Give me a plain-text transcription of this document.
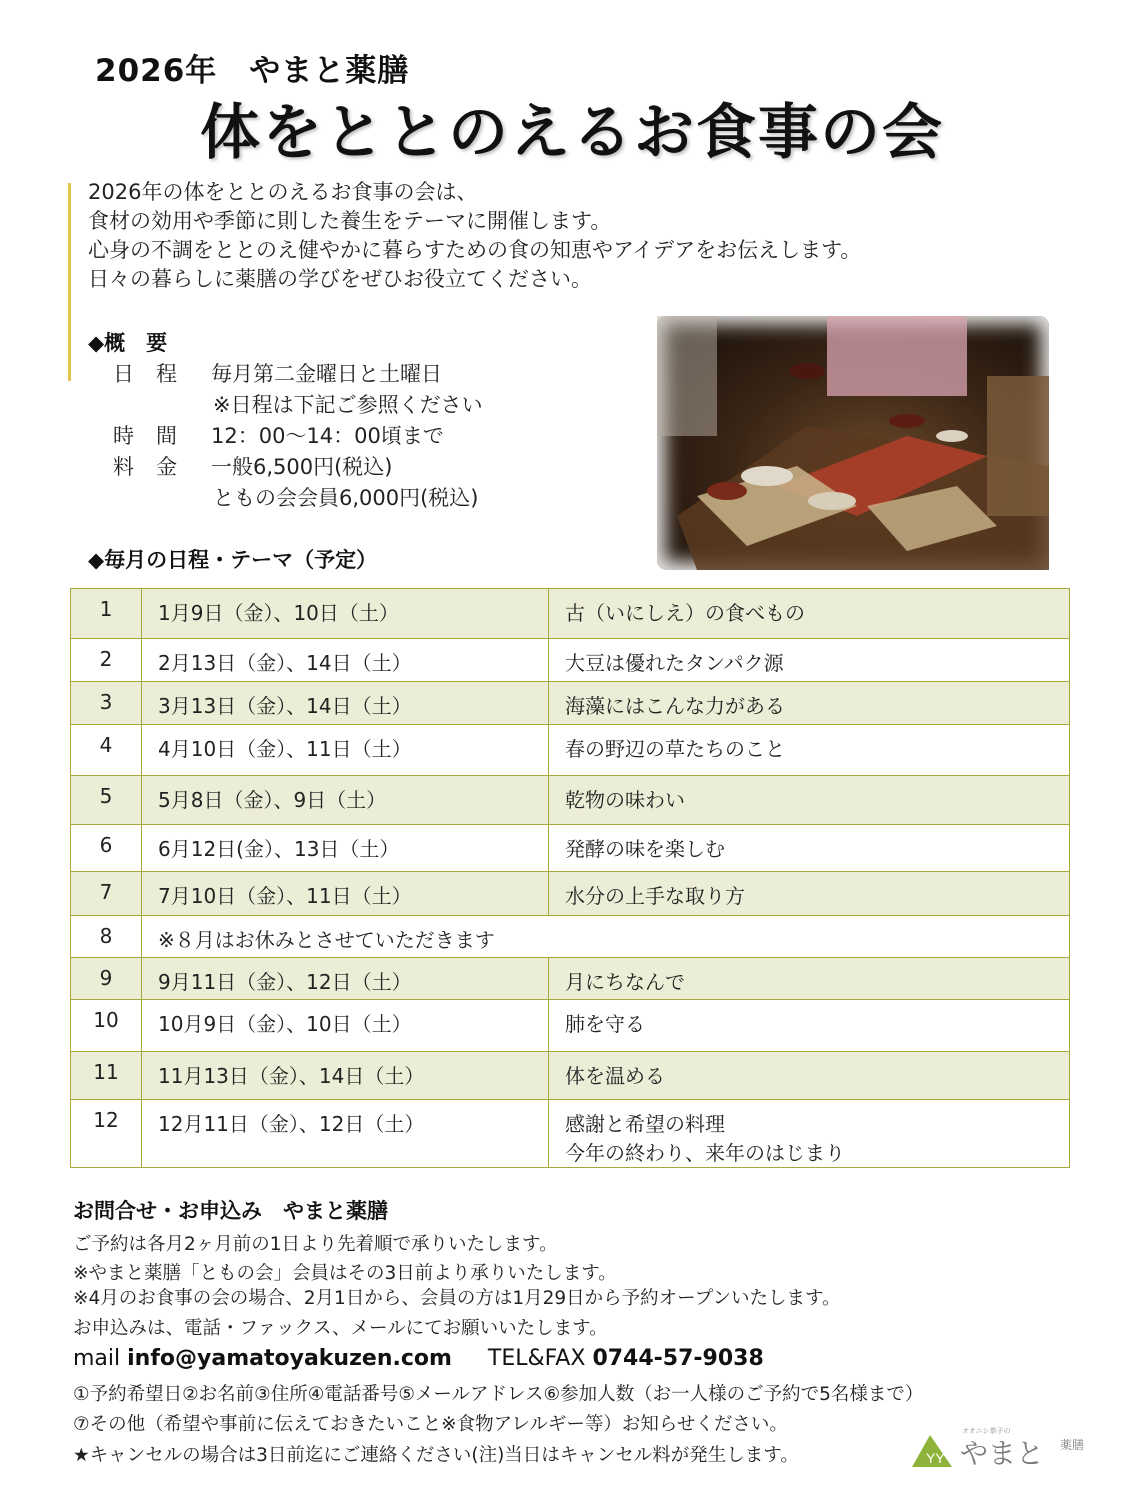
2026年　やまと薬膳
体をととのえるお食事の会
2026年の体をととのえるお食事の会は、
食材の効用や季節に則した養生をテーマに開催します。
心身の不調をととのえ健やかに暮らすための食の知恵やアイデアをお伝えします。
日々の暮らしに薬膳の学びをぜひお役立てください。
◆概　要
日程 毎月第二金曜日と土曜日
※日程は下記ご参照ください
時間 12：00～14：00頃まで
料金 一般6,500円(税込)
ともの会会員6,000円(税込)
◆毎月の日程・テーマ（予定）
1	1月9日（金）、10日（土）	古（いにしえ）の食べもの
2	2月13日（金）、14日（土）	大豆は優れたタンパク源
3	3月13日（金）、14日（土）	海藻にはこんな力がある
4	4月10日（金）、11日（土）	春の野辺の草たちのこと
5	5月8日（金）、9日（土）	乾物の味わい
6	6月12日(金）、13日（土）	発酵の味を楽しむ
7	7月10日（金）、11日（土）	水分の上手な取り方
8	※８月はお休みとさせていただきます	
9	9月11日（金）、12日（土）	月にちなんで
10	10月9日（金）、10日（土）	肺を守る
11	11月13日（金）、14日（土）	体を温める
12	12月11日（金）、12日（土）	感謝と希望の料理
今年の終わり、来年のはじまり
お問合せ・お申込み　やまと薬膳
ご予約は各月2ヶ月前の1日より先着順で承りいたします。
※やまと薬膳「ともの会」会員はその3日前より承りいたします。
※4月のお食事の会の場合、2月1日から、会員の方は1月29日から予約オープンいたします。
お申込みは、電話・ファックス、メールにてお願いいたします。
mail info@yamatoyakuzen.com TEL&FAX 0744-57-9038
①予約希望日②お名前③住所④電話番号⑤メールアドレス⑥参加人数（お一人様のご予約で5名様まで）
⑦その他（希望や事前に伝えておきたいこと※食物アレルギー等）お知らせください。
★キャンセルの場合は3日前迄にご連絡ください(注)当日はキャンセル料が発生します。	YY
オオニシ恭子の
やまと 薬膳
